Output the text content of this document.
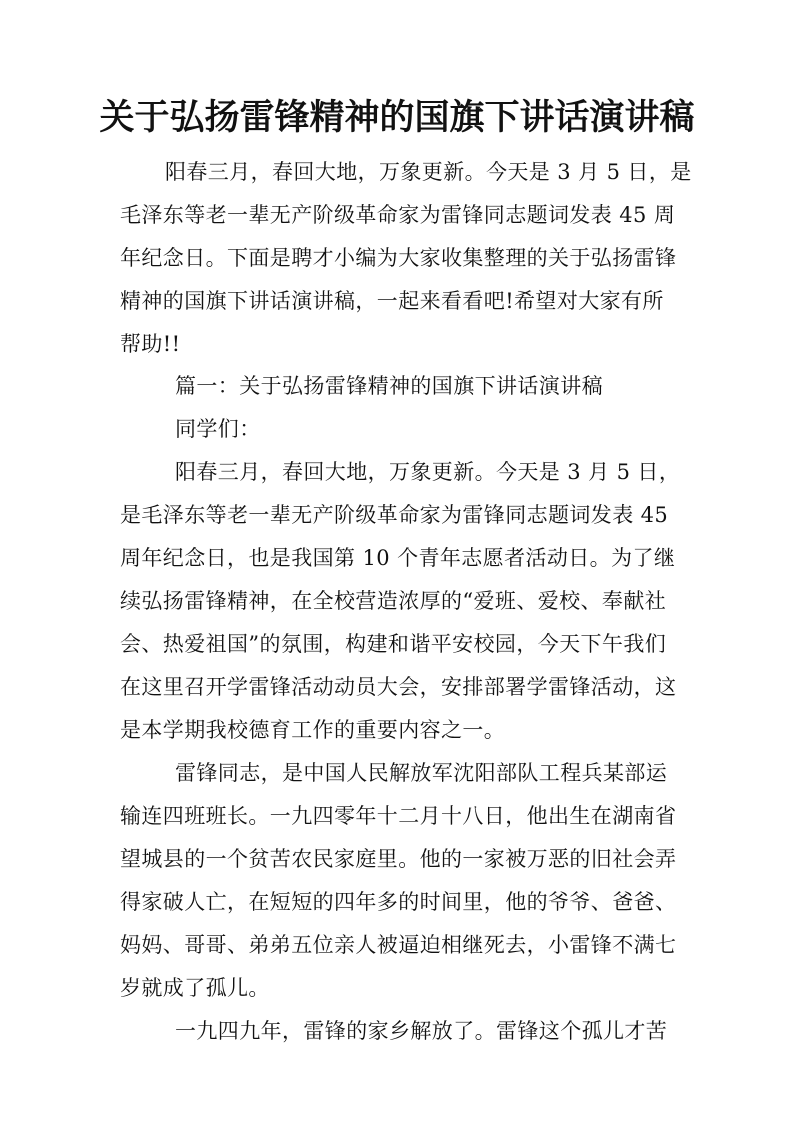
关于弘扬雷锋精神的国旗下讲话演讲稿
阳春三月，春回大地，万象更新。今天是 3 月 5 日，是
毛泽东等老一辈无产阶级革命家为雷锋同志题词发表 45 周
年纪念日。下面是聘才小编为大家收集整理的关于弘扬雷锋
精神的国旗下讲话演讲稿，一起来看看吧!希望对大家有所
帮助!!
篇一：关于弘扬雷锋精神的国旗下讲话演讲稿
同学们：
阳春三月，春回大地，万象更新。今天是 3 月 5 日，
是毛泽东等老一辈无产阶级革命家为雷锋同志题词发表 45
周年纪念日，也是我国第 10 个青年志愿者活动日。为了继
续弘扬雷锋精神，在全校营造浓厚的“爱班、爱校、奉献社
会、热爱祖国”的氛围，构建和谐平安校园，今天下午我们
在这里召开学雷锋活动动员大会，安排部署学雷锋活动，这
是本学期我校德育工作的重要内容之一。
雷锋同志，是中国人民解放军沈阳部队工程兵某部运
输连四班班长。一九四零年十二月十八日，他出生在湖南省
望城县的一个贫苦农民家庭里。他的一家被万恶的旧社会弄
得家破人亡，在短短的四年多的时间里，他的爷爷、爸爸、
妈妈、哥哥、弟弟五位亲人被逼迫相继死去，小雷锋不满七
岁就成了孤儿。
一九四九年，雷锋的家乡解放了。雷锋这个孤儿才苦
